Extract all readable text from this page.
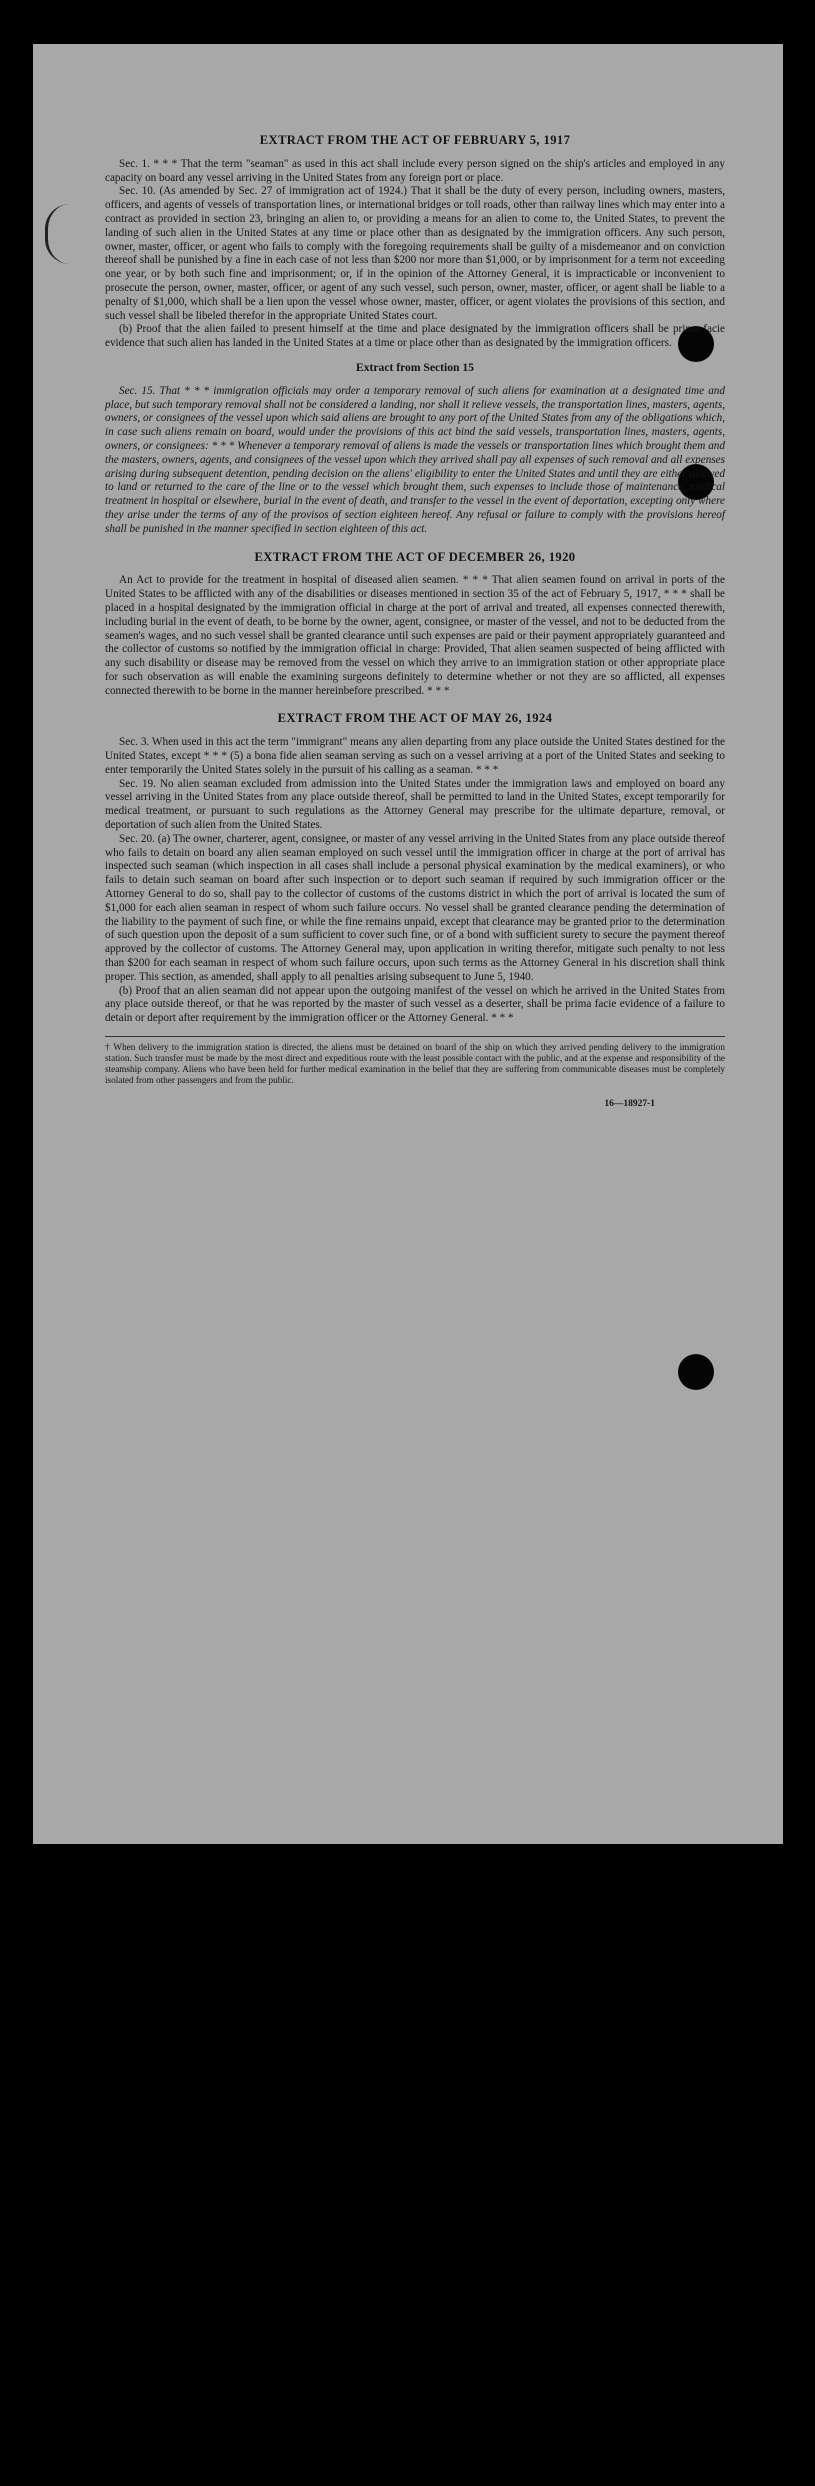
EXTRACT FROM THE ACT OF FEBRUARY 5, 1917

Sec. 1. * * * That the term "seaman" as used in this act shall include every person signed on the ship's articles and employed in any capacity on board any vessel arriving in the United States from any foreign port or place.

Sec. 10. (As amended by Sec. 27 of immigration act of 1924.) That it shall be the duty of every person, including owners, masters, officers, and agents of vessels of transportation lines, or international bridges or toll roads, other than railway lines which may enter into a contract as provided in section 23, bringing an alien to, or providing a means for an alien to come to, the United States, to prevent the landing of such alien in the United States at any time or place other than as designated by the immigration officers. Any such person, owner, master, officer, or agent who fails to comply with the foregoing requirements shall be guilty of a misdemeanor and on conviction thereof shall be punished by a fine in each case of not less than $200 nor more than $1,000, or by imprisonment for a term not exceeding one year, or by both such fine and imprisonment; or, if in the opinion of the Attorney General, it is impracticable or inconvenient to prosecute the person, owner, master, officer, or agent of any such vessel, such person, owner, master, officer, or agent shall be liable to a penalty of $1,000, which shall be a lien upon the vessel whose owner, master, officer, or agent violates the provisions of this section, and such vessel shall be libeled therefor in the appropriate United States court.

(b) Proof that the alien failed to present himself at the time and place designated by the immigration officers shall be prima facie evidence that such alien has landed in the United States at a time or place other than as designated by the immigration officers.

Extract from Section 15

Sec. 15. That * * * immigration officials may order a temporary removal of such aliens for examination at a designated time and place, but such temporary removal shall not be considered a landing, nor shall it relieve vessels, the transportation lines, masters, agents, owners, or consignees of the vessel upon which said aliens are brought to any port of the United States from any of the obligations which, in case such aliens remain on board, would under the provisions of this act bind the said vessels, transportation lines, masters, agents, owners, or consignees: * * * Whenever a temporary removal of aliens is made the vessels or transportation lines which brought them and the masters, owners, agents, and consignees of the vessel upon which they arrived shall pay all expenses of such removal and all expenses arising during subsequent detention, pending decision on the aliens' eligibility to enter the United States and until they are either allowed to land or returned to the care of the line or to the vessel which brought them, such expenses to include those of maintenance, medical treatment in hospital or elsewhere, burial in the event of death, and transfer to the vessel in the event of deportation, excepting only where they arise under the terms of any of the provisos of section eighteen hereof. Any refusal or failure to comply with the provisions hereof shall be punished in the manner specified in section eighteen of this act.

EXTRACT FROM THE ACT OF DECEMBER 26, 1920

An Act to provide for the treatment in hospital of diseased alien seamen. * * * That alien seamen found on arrival in ports of the United States to be afflicted with any of the disabilities or diseases mentioned in section 35 of the act of February 5, 1917, * * * shall be placed in a hospital designated by the immigration official in charge at the port of arrival and treated, all expenses connected therewith, including burial in the event of death, to be borne by the owner, agent, consignee, or master of the vessel, and not to be deducted from the seamen's wages, and no such vessel shall be granted clearance until such expenses are paid or their payment appropriately guaranteed and the collector of customs so notified by the immigration official in charge: Provided, That alien seamen suspected of being afflicted with any such disability or disease may be removed from the vessel on which they arrive to an immigration station or other appropriate place for such observation as will enable the examining surgeons definitely to determine whether or not they are so afflicted, all expenses connected therewith to be borne in the manner hereinbefore prescribed. * * *

EXTRACT FROM THE ACT OF MAY 26, 1924

Sec. 3. When used in this act the term "immigrant" means any alien departing from any place outside the United States destined for the United States, except * * * (5) a bona fide alien seaman serving as such on a vessel arriving at a port of the United States and seeking to enter temporarily the United States solely in the pursuit of his calling as a seaman. * * *

Sec. 19. No alien seaman excluded from admission into the United States under the immigration laws and employed on board any vessel arriving in the United States from any place outside thereof, shall be permitted to land in the United States, except temporarily for medical treatment, or pursuant to such regulations as the Attorney General may prescribe for the ultimate departure, removal, or deportation of such alien from the United States.

Sec. 20. (a) The owner, charterer, agent, consignee, or master of any vessel arriving in the United States from any place outside thereof who fails to detain on board any alien seaman employed on such vessel until the immigration officer in charge at the port of arrival has inspected such seaman (which inspection in all cases shall include a personal physical examination by the medical examiners), or who fails to detain such seaman on board after such inspection or to deport such seaman if required by such immigration officer or the Attorney General to do so, shall pay to the collector of customs of the customs district in which the port of arrival is located the sum of $1,000 for each alien seaman in respect of whom such failure occurs. No vessel shall be granted clearance pending the determination of the liability to the payment of such fine, or while the fine remains unpaid, except that clearance may be granted prior to the determination of such question upon the deposit of a sum sufficient to cover such fine, or of a bond with sufficient surety to secure the payment thereof approved by the collector of customs. The Attorney General may, upon application in writing therefor, mitigate such penalty to not less than $200 for each seaman in respect of whom such failure occurs, upon such terms as the Attorney General in his discretion shall think proper. This section, as amended, shall apply to all penalties arising subsequent to June 5, 1940.

(b) Proof that an alien seaman did not appear upon the outgoing manifest of the vessel on which he arrived in the United States from any place outside thereof, or that he was reported by the master of such vessel as a deserter, shall be prima facie evidence of a failure to detain or deport after requirement by the immigration officer or the Attorney General. * * *

† When delivery to the immigration station is directed, the aliens must be detained on board of the ship on which they arrived pending delivery to the immigration station. Such transfer must be made by the most direct and expeditious route with the least possible contact with the public, and at the expense and responsibility of the steamship company. Aliens who have been held for further medical examination in the belief that they are suffering from communicable diseases must be completely isolated from other passengers and from the public.
16—18927-1
